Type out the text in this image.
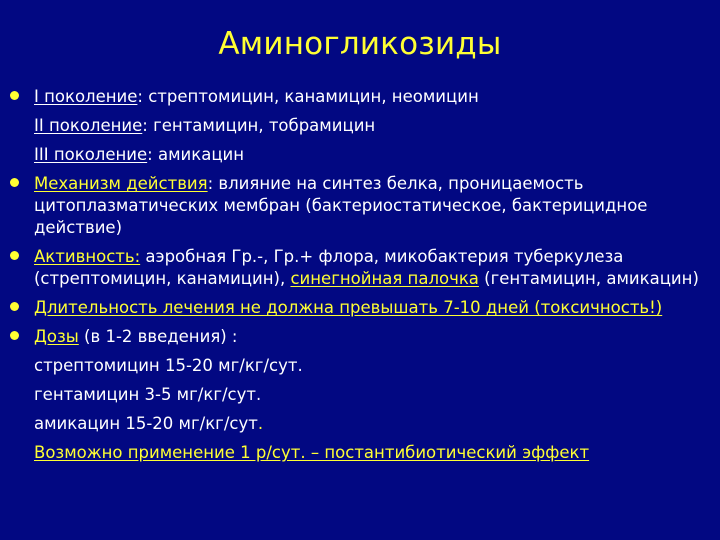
Аминогликозиды
I поколение: стрептомицин, канамицин, неомицин
II поколение: гентамицин, тобрамицин
III поколение: амикацин
Механизм действия: влияние на синтез белка, проницаемость цитоплазматических мембран (бактериостатическое, бактерицидное действие)
Активность: аэробная Гр.-, Гр.+ флора, микобактерия туберкулеза (стрептомицин, канамицин), синегнойная палочка (гентамицин, амикацин)
Длительность лечения не должна превышать 7-10 дней (токсичность!)
Дозы (в 1-2 введения) :
стрептомицин 15-20 мг/кг/сут.
гентамицин 3-5 мг/кг/сут.
амикацин 15-20 мг/кг/сут.
Возможно применение 1 р/сут. – постантибиотический эффект
